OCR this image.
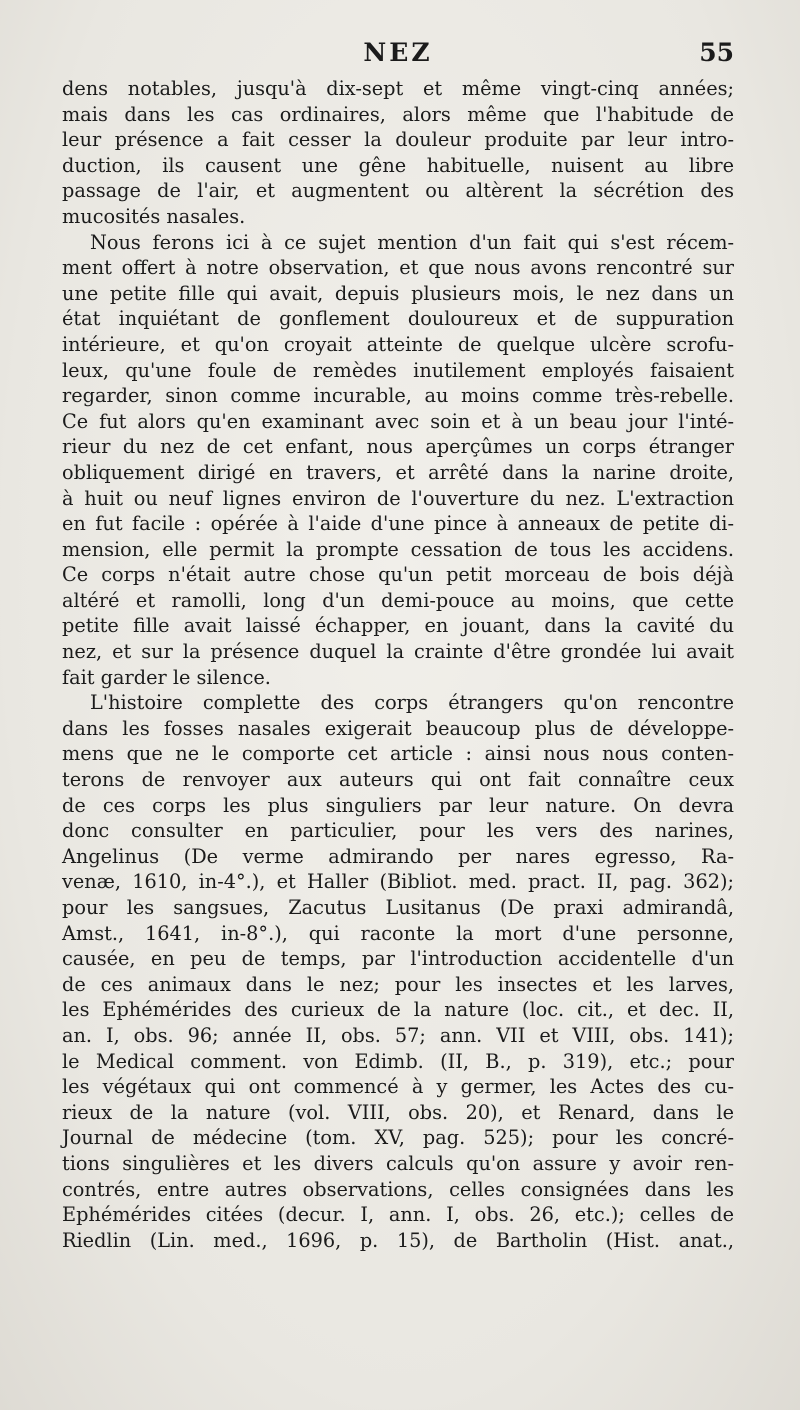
NEZ	55
dens notables, jusqu'à dix-sept et même vingt-cinq années;
mais dans les cas ordinaires, alors même que l'habitude de
leur présence a fait cesser la douleur produite par leur intro-
duction, ils causent une gêne habituelle, nuisent au libre
passage de l'air, et augmentent ou altèrent la sécrétion des
mucosités nasales.
Nous ferons ici à ce sujet mention d'un fait qui s'est récem-
ment offert à notre observation, et que nous avons rencontré sur
une petite fille qui avait, depuis plusieurs mois, le nez dans un
état inquiétant de gonflement douloureux et de suppuration
intérieure, et qu'on croyait atteinte de quelque ulcère scrofu-
leux, qu'une foule de remèdes inutilement employés faisaient
regarder, sinon comme incurable, au moins comme très-rebelle.
Ce fut alors qu'en examinant avec soin et à un beau jour l'inté-
rieur du nez de cet enfant, nous aperçûmes un corps étranger
obliquement dirigé en travers, et arrêté dans la narine droite,
à huit ou neuf lignes environ de l'ouverture du nez. L'extraction
en fut facile : opérée à l'aide d'une pince à anneaux de petite di-
mension, elle permit la prompte cessation de tous les accidens.
Ce corps n'était autre chose qu'un petit morceau de bois déjà
altéré et ramolli, long d'un demi-pouce au moins, que cette
petite fille avait laissé échapper, en jouant, dans la cavité du
nez, et sur la présence duquel la crainte d'être grondée lui avait
fait garder le silence.
L'histoire complette des corps étrangers qu'on rencontre
dans les fosses nasales exigerait beaucoup plus de développe-
mens que ne le comporte cet article : ainsi nous nous conten-
terons de renvoyer aux auteurs qui ont fait connaître ceux
de ces corps les plus singuliers par leur nature. On devra
donc consulter en particulier, pour les vers des narines,
Angelinus (De verme admirando per nares egresso, Ra-
venæ, 1610, in-4°.), et Haller (Bibliot. med. pract. II, pag. 362);
pour les sangsues, Zacutus Lusitanus (De praxi admirandâ,
Amst., 1641, in-8°.), qui raconte la mort d'une personne,
causée, en peu de temps, par l'introduction accidentelle d'un
de ces animaux dans le nez; pour les insectes et les larves,
les Ephémérides des curieux de la nature (loc. cit., et dec. II,
an. I, obs. 96; année II, obs. 57; ann. VII et VIII, obs. 141);
le Medical comment. von Edimb. (II, B., p. 319), etc.; pour
les végétaux qui ont commencé à y germer, les Actes des cu-
rieux de la nature (vol. VIII, obs. 20), et Renard, dans le
Journal de médecine (tom. XV, pag. 525); pour les concré-
tions singulières et les divers calculs qu'on assure y avoir ren-
contrés, entre autres observations, celles consignées dans les
Ephémérides citées (decur. I, ann. I, obs. 26, etc.); celles de
Riedlin (Lin. med., 1696, p. 15), de Bartholin (Hist. anat.,
